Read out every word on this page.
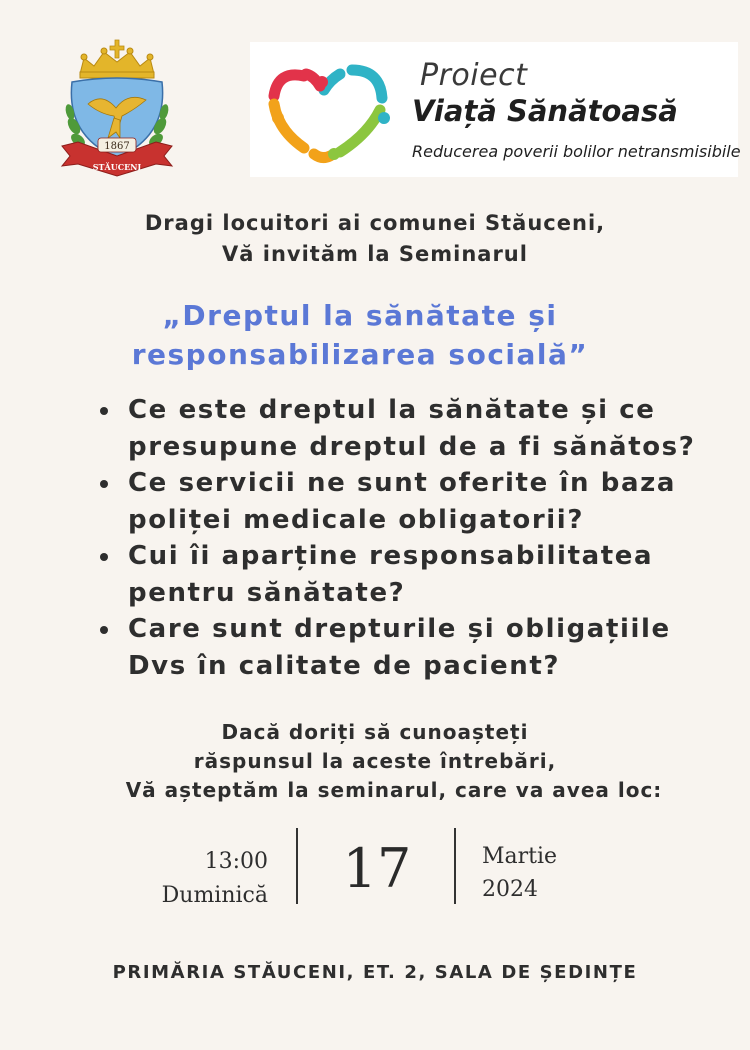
1867
STĂUCENI
Proiect
Viață Sănătoasă
Reducerea poverii bolilor netransmisibile
Dragi locuitori ai comunei Stăuceni,
Vă invităm la Seminarul
„Dreptul la sănătate și
responsabilizarea socială”
Ce este dreptul la sănătate și ce
presupune dreptul de a fi sănătos?
Ce servicii ne sunt oferite în baza
poliței medicale obligatorii?
Cui îi aparține responsabilitatea
pentru sănătate?
Care sunt drepturile și obligațiile
Dvs în calitate de pacient?
Dacă doriți să cunoașteți
răspunsul la aceste întrebări,
Vă așteptăm la seminarul, care va avea loc:
13:00
Duminică	17	Martie
2024
PRIMĂRIA STĂUCENI, ET. 2, SALA DE ȘEDINȚE
